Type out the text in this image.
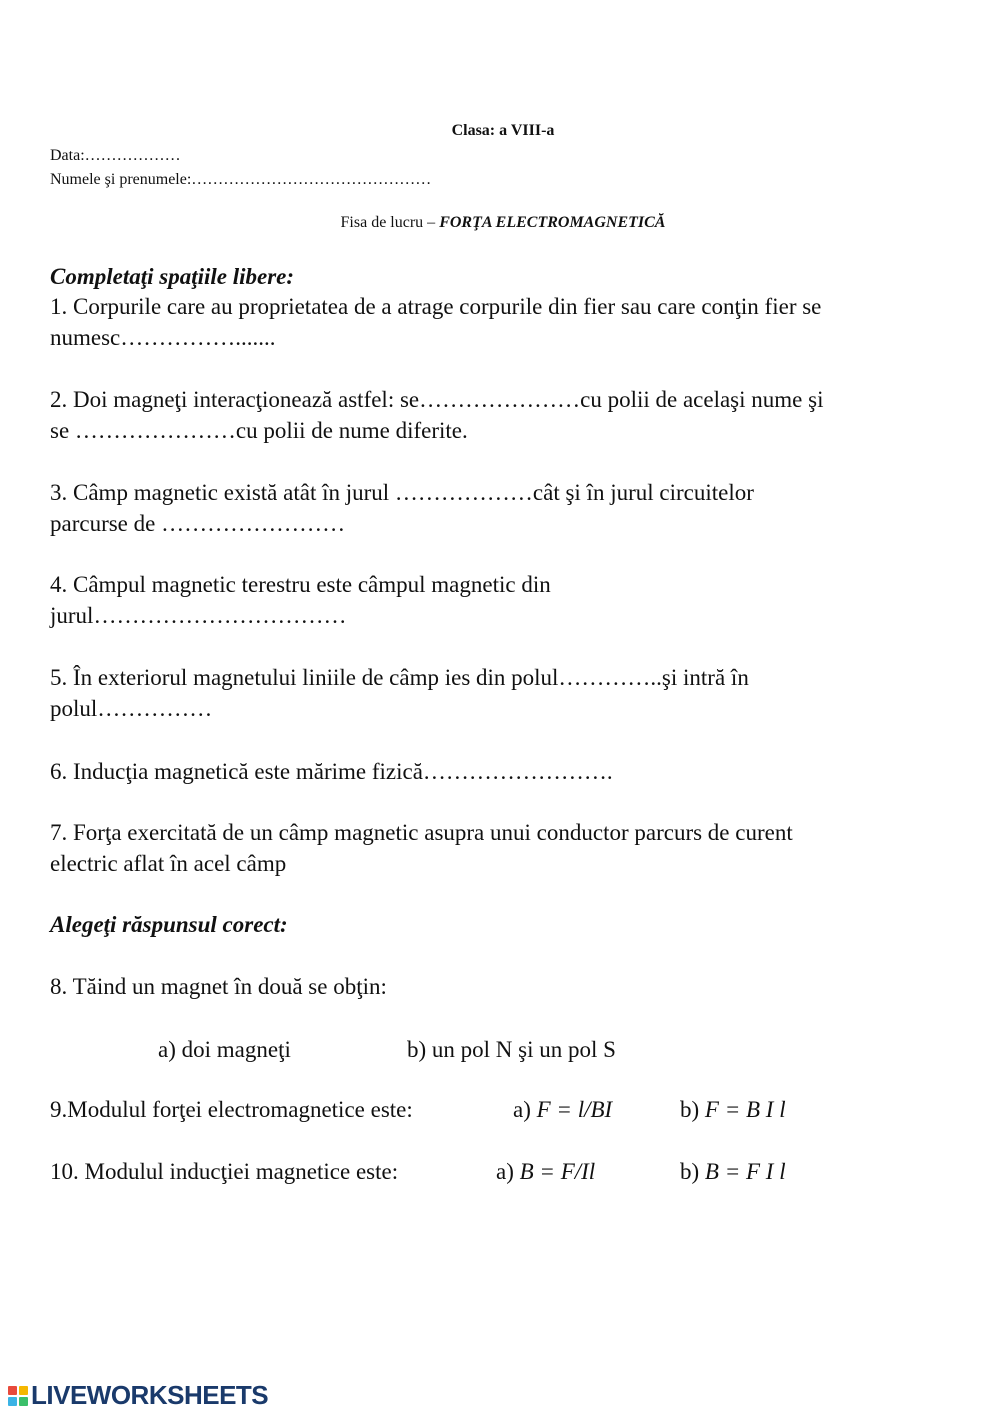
Clasa: a VIII-a
Data:………………
Numele şi prenumele:………………………………………
Fisa de lucru – FORŢA ELECTROMAGNETICĂ
Completaţi spaţiile libere:
1. Corpurile care au proprietatea de a atrage corpurile din fier sau care conţin fier se
numesc…………….......
2. Doi magneţi interacţionează astfel: se…………………cu polii de acelaşi nume şi
se …………………cu polii de nume diferite.
3. Câmp magnetic există atât în jurul ………………cât şi în jurul circuitelor
parcurse de ……………………
4. Câmpul magnetic terestru este câmpul magnetic din
jurul……………………………
5. În exteriorul magnetului liniile de câmp ies din polul…………..şi intră în
polul……………
6. Inducţia magnetică este mărime fizică…………………….
7. Forţa exercitată de un câmp magnetic asupra unui conductor parcurs de curent
electric aflat în acel câmp
Alegeţi răspunsul corect:
8. Tăind un magnet în două se obţin:
a) doi magneţi	b) un pol N şi un pol S
9.Modulul forţei electromagnetice este:	a) F = l/BI	b) F = B I l
10. Modulul inducţiei magnetice este:	a) B = F/Il	b) B = F I l
LIVEWORKSHEETS
